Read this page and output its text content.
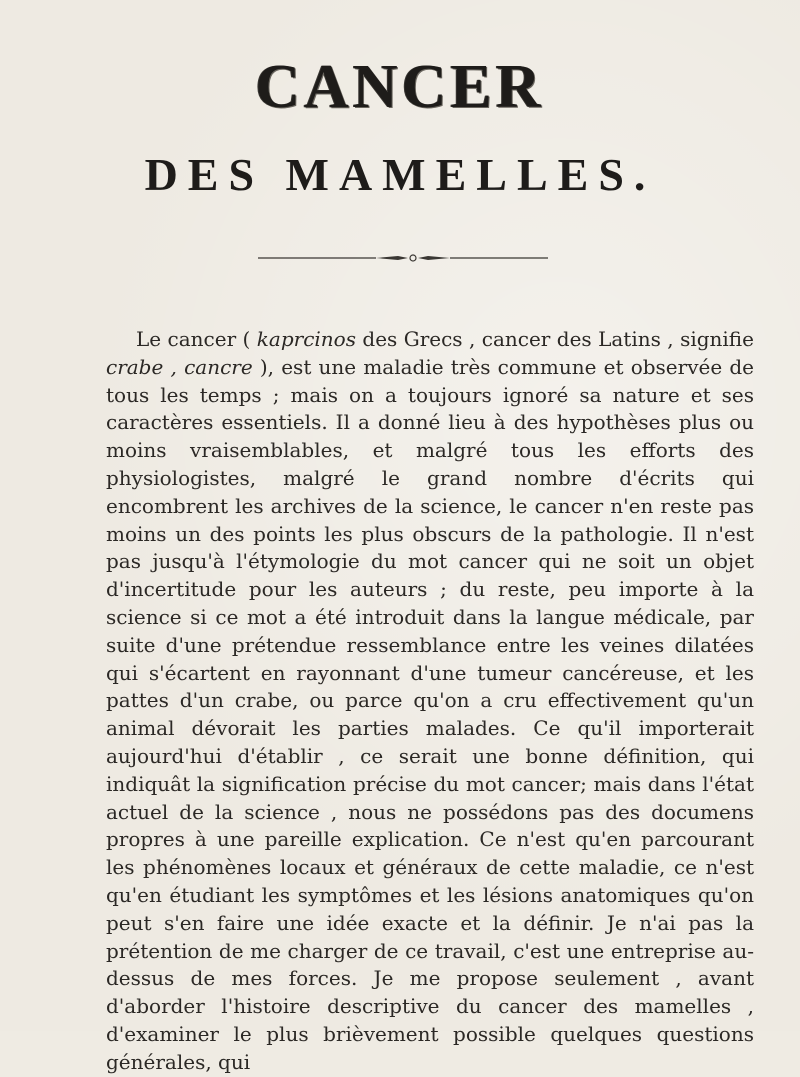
CANCER
DES MAMELLES.

Le cancer ( kaprcinos des Grecs , cancer des Latins , signifie crabe , cancre ), est une maladie très commune et observée de tous les temps ; mais on a toujours ignoré sa nature et ses caractères essentiels. Il a donné lieu à des hypothèses plus ou moins vraisemblables, et malgré tous les efforts des physiologistes, malgré le grand nombre d'écrits qui encombrent les archives de la science, le cancer n'en reste pas moins un des points les plus obscurs de la pathologie. Il n'est pas jusqu'à l'étymologie du mot cancer qui ne soit un objet d'incertitude pour les auteurs ; du reste, peu importe à la science si ce mot a été introduit dans la langue médicale, par suite d'une prétendue ressemblance entre les veines dilatées qui s'écartent en rayonnant d'une tumeur cancéreuse, et les pattes d'un crabe, ou parce qu'on a cru effectivement qu'un animal dévorait les parties malades. Ce qu'il importerait aujourd'hui d'établir , ce serait une bonne définition, qui indiquât la signification précise du mot cancer; mais dans l'état actuel de la science , nous ne possédons pas des documens propres à une pareille explication. Ce n'est qu'en parcourant les phénomènes locaux et généraux de cette maladie, ce n'est qu'en étudiant les symptômes et les lésions anatomiques qu'on peut s'en faire une idée exacte et la définir. Je n'ai pas la prétention de me charger de ce travail, c'est une entreprise au-dessus de mes forces. Je me propose seulement , avant d'aborder l'histoire descriptive du cancer des mamelles , d'examiner le plus brièvement possible quelques questions générales, qui
